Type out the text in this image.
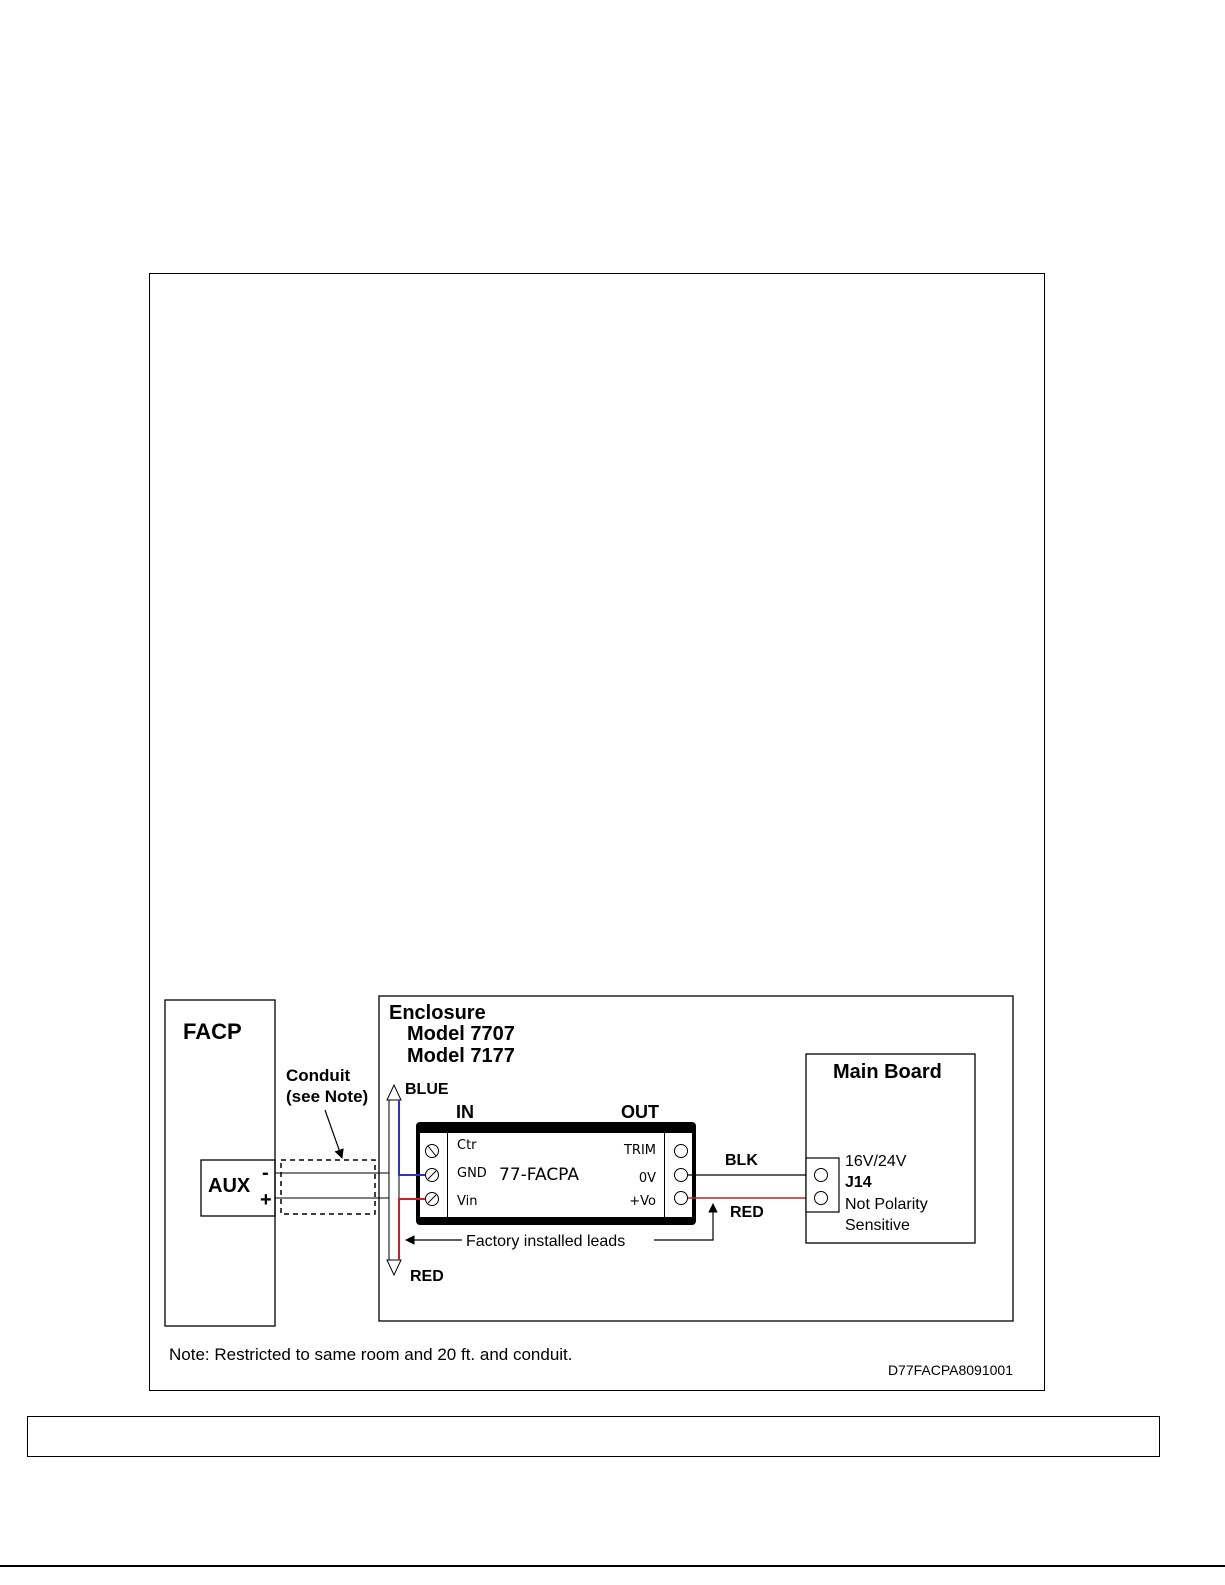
FACP
AUX
-
+
Conduit
(see Note)
Enclosure
Model 7707
Model 7177
BLUE
RED
IN	OUT
77-FACPA
Ctr
GND
Vin
TRIM
0V
+Vo
BLK
RED
Factory installed leads
Main Board
16V/24V
J14
Not Polarity
Sensitive
Note: Restricted to same room and 20 ft. and conduit.
D77FACPA8091001
